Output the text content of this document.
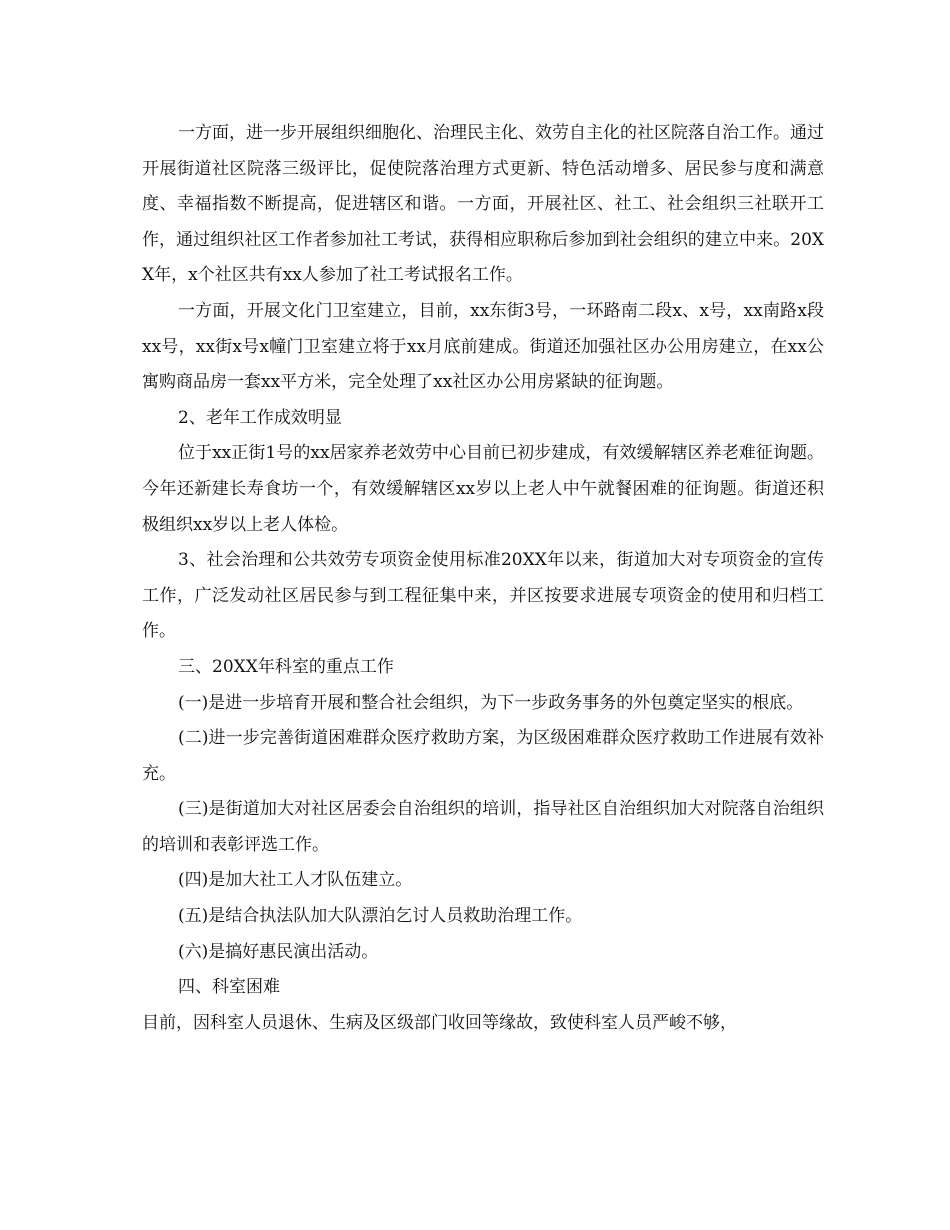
一方面，进一步开展组织细胞化、治理民主化、效劳自主化的社区院落自治工作。通过开展街道社区院落三级评比，促使院落治理方式更新、特色活动增多、居民参与度和满意度、幸福指数不断提高，促进辖区和谐。一方面，开展社区、社工、社会组织三社联开工作，通过组织社区工作者参加社工考试，获得相应职称后参加到社会组织的建立中来。20XX年，x个社区共有xx人参加了社工考试报名工作。

一方面，开展文化门卫室建立，目前，xx东街3号，一环路南二段x、x号，xx南路x段xx号，xx街x号x幢门卫室建立将于xx月底前建成。街道还加强社区办公用房建立，在xx公寓购商品房一套xx平方米，完全处理了xx社区办公用房紧缺的征询题。

2、老年工作成效明显

位于xx正街1号的xx居家养老效劳中心目前已初步建成，有效缓解辖区养老难征询题。今年还新建长寿食坊一个，有效缓解辖区xx岁以上老人中午就餐困难的征询题。街道还积极组织xx岁以上老人体检。

3、社会治理和公共效劳专项资金使用标准20XX年以来，街道加大对专项资金的宣传工作，广泛发动社区居民参与到工程征集中来，并区按要求进展专项资金的使用和归档工作。

三、20XX年科室的重点工作

(一)是进一步培育开展和整合社会组织，为下一步政务事务的外包奠定坚实的根底。

(二)进一步完善街道困难群众医疗救助方案，为区级困难群众医疗救助工作进展有效补充。

(三)是街道加大对社区居委会自治组织的培训，指导社区自治组织加大对院落自治组织的培训和表彰评选工作。

(四)是加大社工人才队伍建立。

(五)是结合执法队加大队漂泊乞讨人员救助治理工作。

(六)是搞好惠民演出活动。

四、科室困难

目前，因科室人员退休、生病及区级部门收回等缘故，致使科室人员严峻不够，
